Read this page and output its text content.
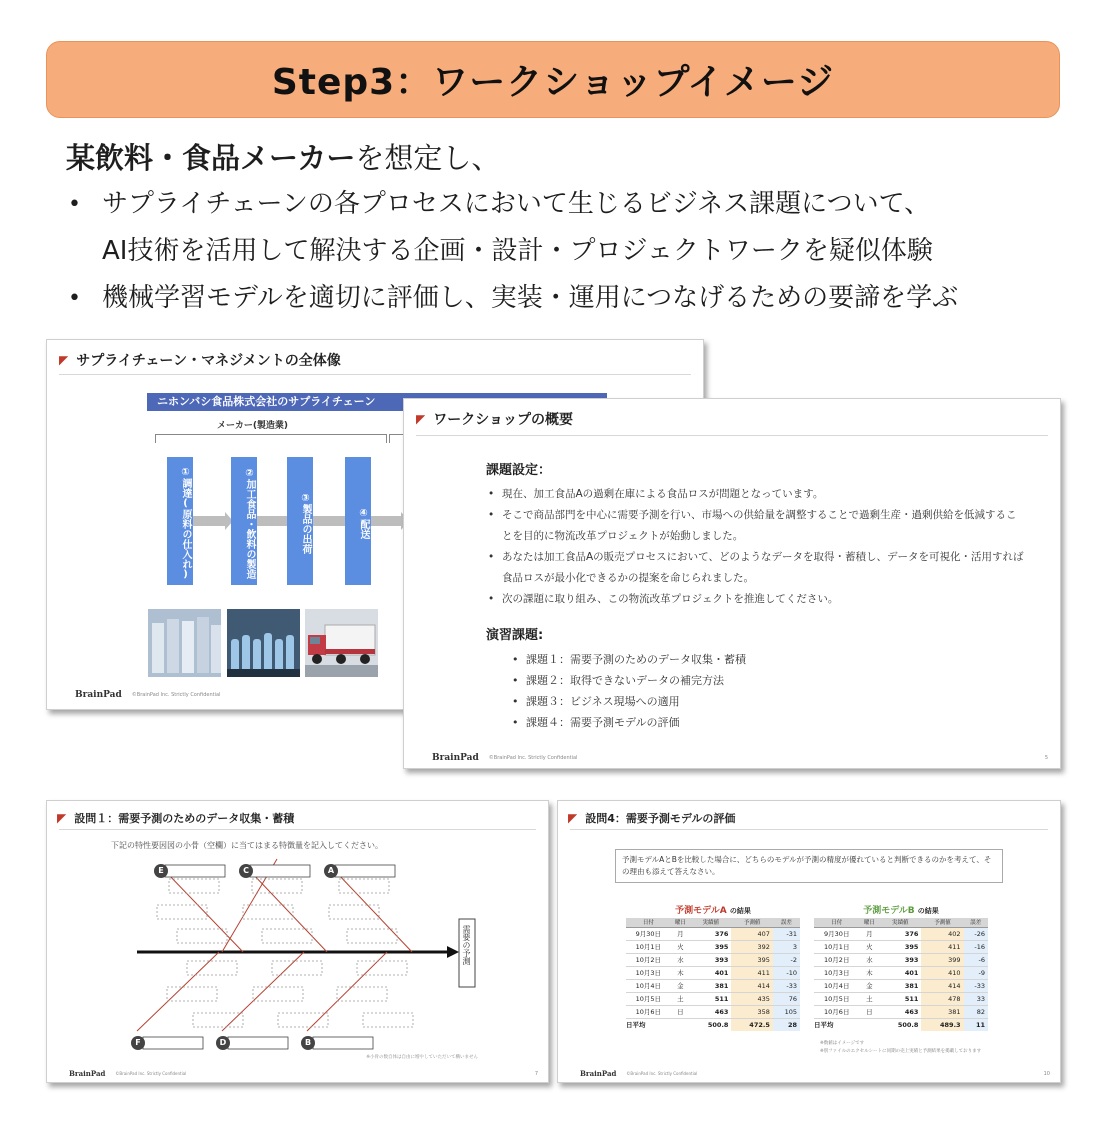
Step3：ワークショップイメージ
某飲料・食品メーカーを想定し、
• サプライチェーンの各プロセスにおいて生じるビジネス課題について、
AI技術を活用して解決する企画・設計・プロジェクトワークを疑似体験
• 機械学習モデルを適切に評価し、実装・運用につなげるための要諦を学ぶ
◤ サプライチェーン・マネジメントの全体像
ニホンバシ食品株式会社のサプライチェーン
メーカー(製造業)
①調達(原料の仕入れ)	②加工食品・飲料の製造	③製品の出荷	④配送
BrainPad ©BrainPad Inc. Strictly Confidential
◤ ワークショップの概要
課題設定：
• 現在、加工食品Aの過剰在庫による食品ロスが問題となっています。
• そこで商品部門を中心に需要予測を行い、市場への供給量を調整することで過剰生産・過剰供給を低減することを目的に物流改革プロジェクトが始動しました。
• あなたは加工食品Aの販売プロセスにおいて、どのようなデータを取得・蓄積し、データを可視化・活用すれば食品ロスが最小化できるかの提案を命じられました。
• 次の課題に取り組み、この物流改革プロジェクトを推進してください。
演習課題:
• 課題１：需要予測のためのデータ収集・蓄積
• 課題２：取得できないデータの補完方法
• 課題３：ビジネス現場への適用
• 課題４：需要予測モデルの評価
BrainPad ©BrainPad Inc. Strictly Confidential	5
◤ 設問１：需要予測のためのデータ収集・蓄積
下記の特性要因図の小骨（空欄）に当てはまる特徴量を記入してください。
E	C	A
F	D	B
需要の予測
※小骨の数自体は自由に増やしていただいて構いません
BrainPad	©BrainPad Inc. Strictly Confidential	7
◤ 設問4：需要予測モデルの評価
予測モデルAとBを比較した場合に、どちらのモデルが予測の精度が優れていると判断できるのかを考えて、その理由も添えて答えなさい。
予測モデルA の結果
日付	曜日	実績値	予測値	誤差
9月30日	月	376	407	-31
10月1日	火	395	392	3
10月2日	水	393	395	-2
10月3日	木	401	411	-10
10月4日	金	381	414	-33
10月5日	土	511	435	76
10月6日	日	463	358	105
日平均		500.8	472.5	28
予測モデルB の結果
日付	曜日	実績値	予測値	誤差
9月30日	月	376	402	-26
10月1日	火	395	411	-16
10月2日	水	393	399	-6
10月3日	木	401	410	-9
10月4日	金	381	414	-33
10月5日	土	511	478	33
10月6日	日	463	381	82
日平均		500.8	489.3	11
※数値はイメージです
※別ファイルのエクセルシートに同期の売上実績と予測結果を掲載しております
BrainPad	©BrainPad Inc. Strictly Confidential	10
